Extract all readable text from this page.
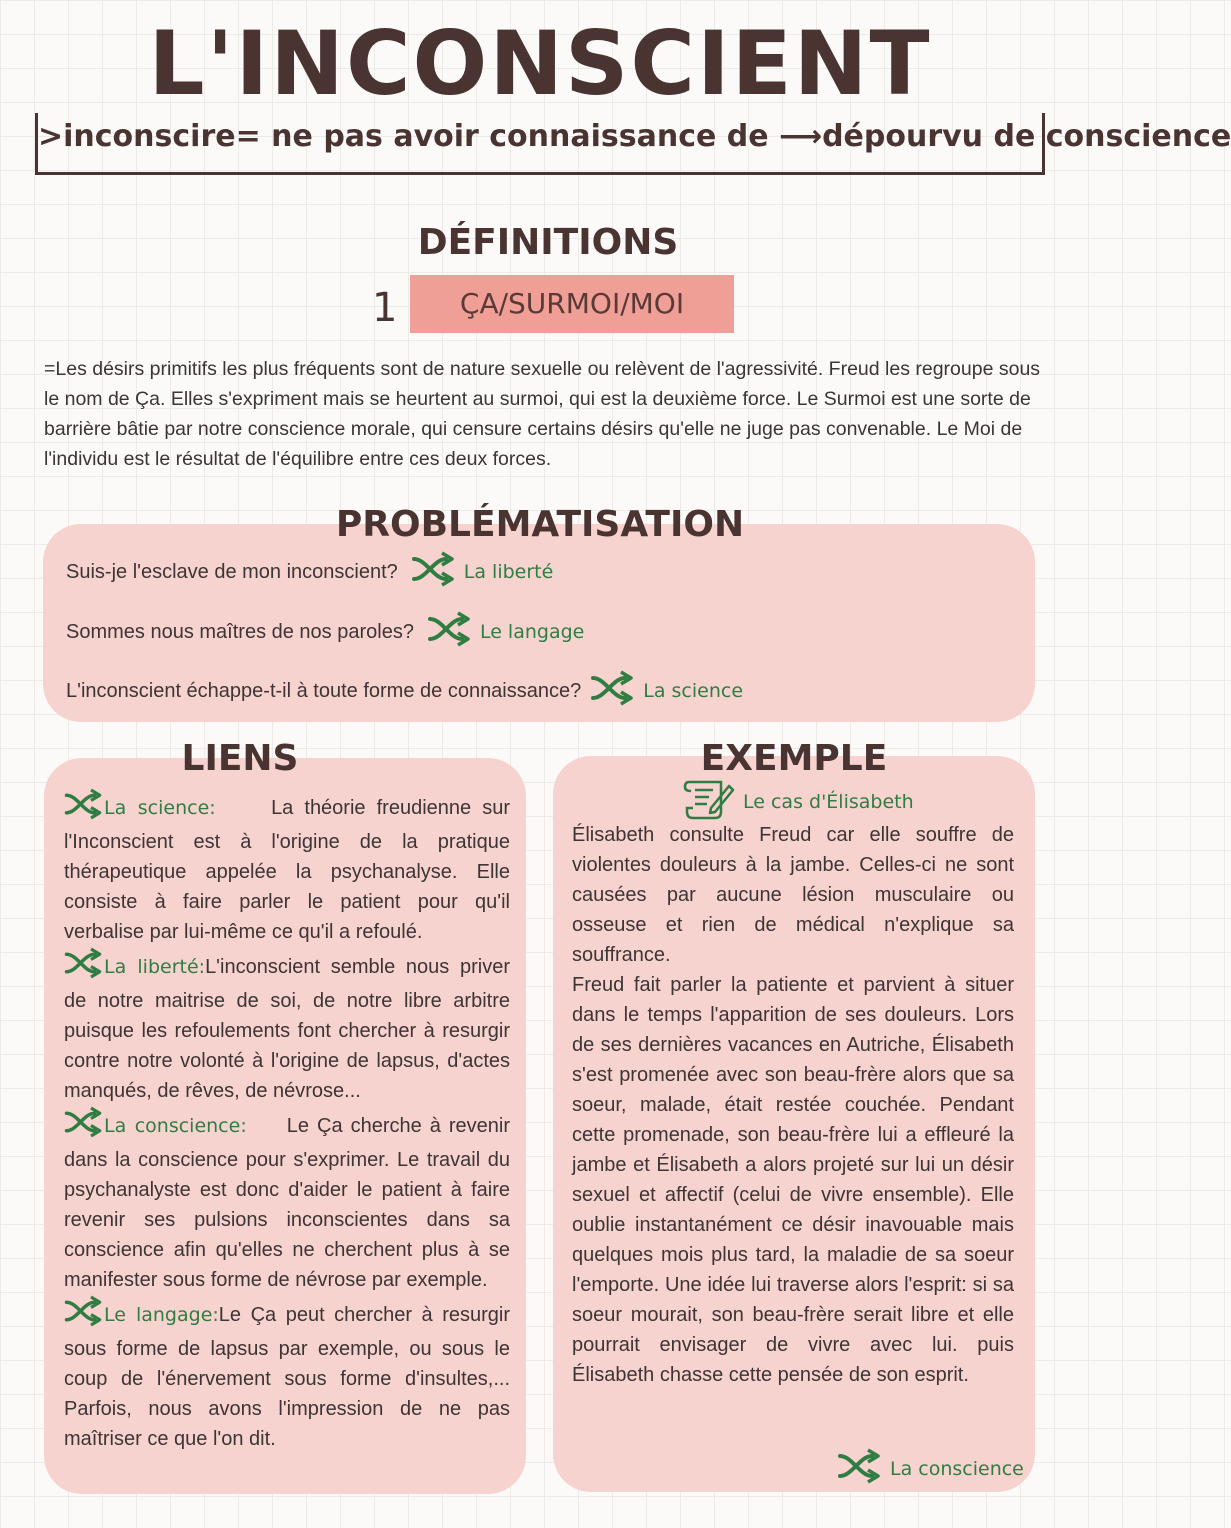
L'INCONSCIENT
>inconscire= ne pas avoir connaissance de ⟶dépourvu de conscience
DÉFINITIONS
1	ÇA/SURMOI/MOI
=Les désirs primitifs les plus fréquents sont de nature sexuelle ou relèvent de l'agressivité. Freud les regroupe sous le nom de Ça. Elles s'expriment mais se heurtent au surmoi, qui est la deuxième force. Le Surmoi est une sorte de barrière bâtie par notre conscience morale, qui censure certains désirs qu'elle ne juge pas convenable. Le Moi de l'individu est le résultat de l'équilibre entre ces deux forces.
PROBLÉMATISATION
Suis-je l'esclave de mon inconscient?	La liberté
Sommes nous maîtres de nos paroles?	Le langage
L'inconscient échappe-t-il à toute forme de connaissance?	La science
LIENS

La science:	La théorie freudienne sur l'Inconscient est à l'origine de la pratique thérapeutique appelée la psychanalyse. Elle consiste à faire parler le patient pour qu'il verbalise par lui-même ce qu'il a refoulé.

La liberté:L'inconscient semble nous priver de notre maitrise de soi, de notre libre arbitre puisque les refoulements font chercher à resurgir contre notre volonté à l'origine de lapsus, d'actes manqués, de rêves, de névrose...

La conscience: Le Ça cherche à revenir dans la conscience pour s'exprimer. Le travail du psychanalyste est donc d'aider le patient à faire revenir ses pulsions inconscientes dans sa conscience afin qu'elles ne cherchent plus à se manifester sous forme de névrose par exemple.

Le langage:Le Ça peut chercher à resurgir sous forme de lapsus par exemple, ou sous le coup de l'énervement sous forme d'insultes,... Parfois, nous avons l'impression de ne pas maîtriser ce que l'on dit.

EXEMPLE
Le cas d'Élisabeth

Élisabeth consulte Freud car elle souffre de violentes douleurs à la jambe. Celles-ci ne sont causées par aucune lésion musculaire ou osseuse et rien de médical n'explique sa souffrance.

Freud fait parler la patiente et parvient à situer dans le temps l'apparition de ses douleurs. Lors de ses dernières vacances en Autriche, Élisabeth s'est promenée avec son beau-frère alors que sa soeur, malade, était restée couchée. Pendant cette promenade, son beau-frère lui a effleuré la jambe et Élisabeth a alors projeté sur lui un désir sexuel et affectif (celui de vivre ensemble). Elle oublie instantanément ce désir inavouable mais quelques mois plus tard, la maladie de sa soeur l'emporte. Une idée lui traverse alors l'esprit: si sa soeur mourait, son beau-frère serait libre et elle pourrait envisager de vivre avec lui. puis Élisabeth chasse cette pensée de son esprit.

La conscience
